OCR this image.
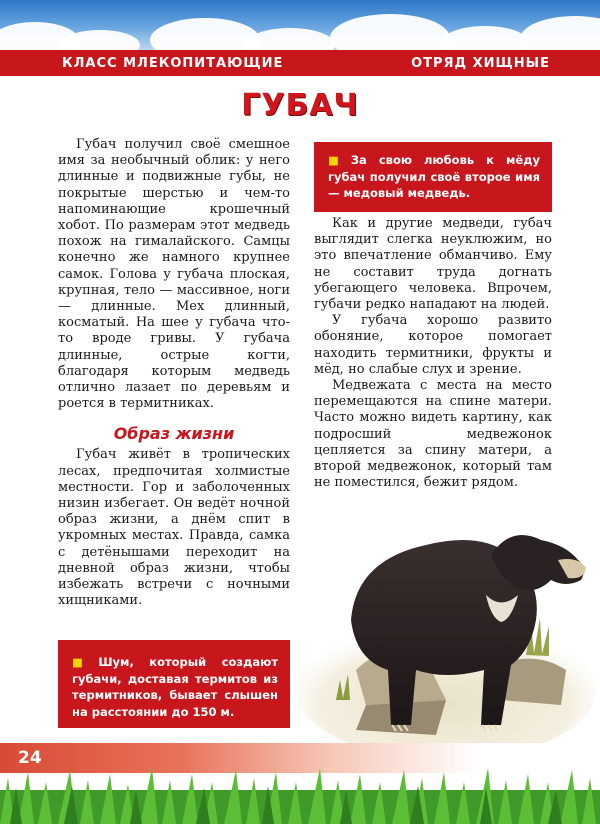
КЛАСС МЛЕКОПИТАЮЩИЕ	ОТРЯД ХИЩНЫЕ
ГУБАЧ

Губач получил своё смешное имя за необычный облик: у него длинные и подвижные губы, не покрытые шерстью и чем-то напоминающие крошечный хобот. По размерам этот медведь похож на гималайского. Самцы конечно же намного крупнее самок. Голова у губача плоская, крупная, тело — массивное, ноги — длинные. Мех длинный, косматый. На шее у губача что-то вроде гривы. У губача длинные, острые когти, благодаря которым медведь отлично лазает по деревьям и роется в термитниках.

Образ жизни

Губач живёт в тропических лесах, предпочитая холмистые местности. Гор и заболоченных низин избегает. Он ведёт ночной образ жизни, а днём спит в укромных местах. Правда, самка с детёнышами переходит на дневной образ жизни, чтобы избежать встречи с ночными хищниками.

■ За свою любовь к мёду губач получил своё второе имя — медовый медведь.

Как и другие медведи, губач выглядит слегка неуклюжим, но это впечатление обманчиво. Ему не составит труда догнать убегающего человека. Впрочем, губачи редко нападают на людей.

У губача хорошо развито обоняние, которое помогает находить термитники, фрукты и мёд, но слабые слух и зрение.

Медвежата с места на место перемещаются на спине матери. Часто можно видеть картину, как подросший медвежонок цепляется за спину матери, а второй медвежонок, который там не поместился, бежит рядом.

■ Шум, который создают губачи, доставая термитов из термитников, бывает слышен на расстоянии до 150 м.
24
